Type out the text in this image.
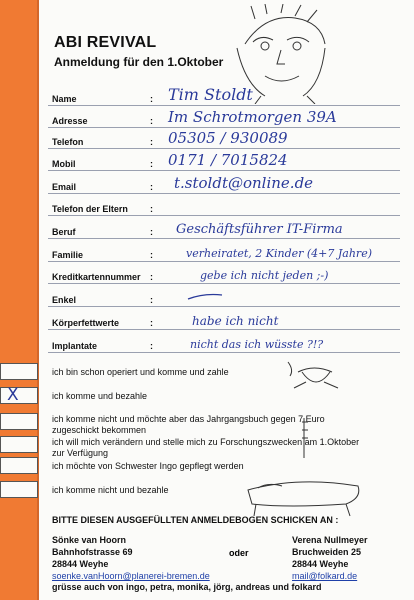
ABI REVIVAL
Anmeldung für den 1.Oktober
Name	: Tim Stoldt
Adresse	: Im Schrotmorgen 39A
Telefon	: 05305 / 930089
Mobil	: 0171 / 7015824
Email	: t.stoldt@online.de
Telefon der Eltern :
Beruf	: Geschäftsführer IT-Firma
Familie	:	verheiratet, 2 Kinder (4+7 Jahre)
Kreditkartennummer :	gebe ich nicht jeden ;-)
Enkel	:
Körperfettwerte	:	habe ich nicht
Implantate	:	nicht das ich wüsste ?!?
ich bin schon operiert und komme und zahle
X	ich komme und bezahle
ich komme nicht und möchte aber das Jahrgangsbuch gegen 7 Euro
zugeschickt bekommen
ich will mich verändern und stelle mich zu Forschungszwecken am 1.Oktober
zur Verfügung
ich möchte von Schwester Ingo gepflegt werden
ich komme nicht und bezahle
BITTE DIESEN AUSGEFÜLLTEN ANMELDEBOGEN SCHICKEN AN :
Sönke van Hoorn
Bahnhofstrasse 69
28844 Weyhe
soenke.vanHoorn@planerei-bremen.de
oder
Verena Nullmeyer
Bruchweiden 25
28844 Weyhe
mail@folkard.de
grüsse auch von ingo, petra, monika, jörg, andreas und folkard
